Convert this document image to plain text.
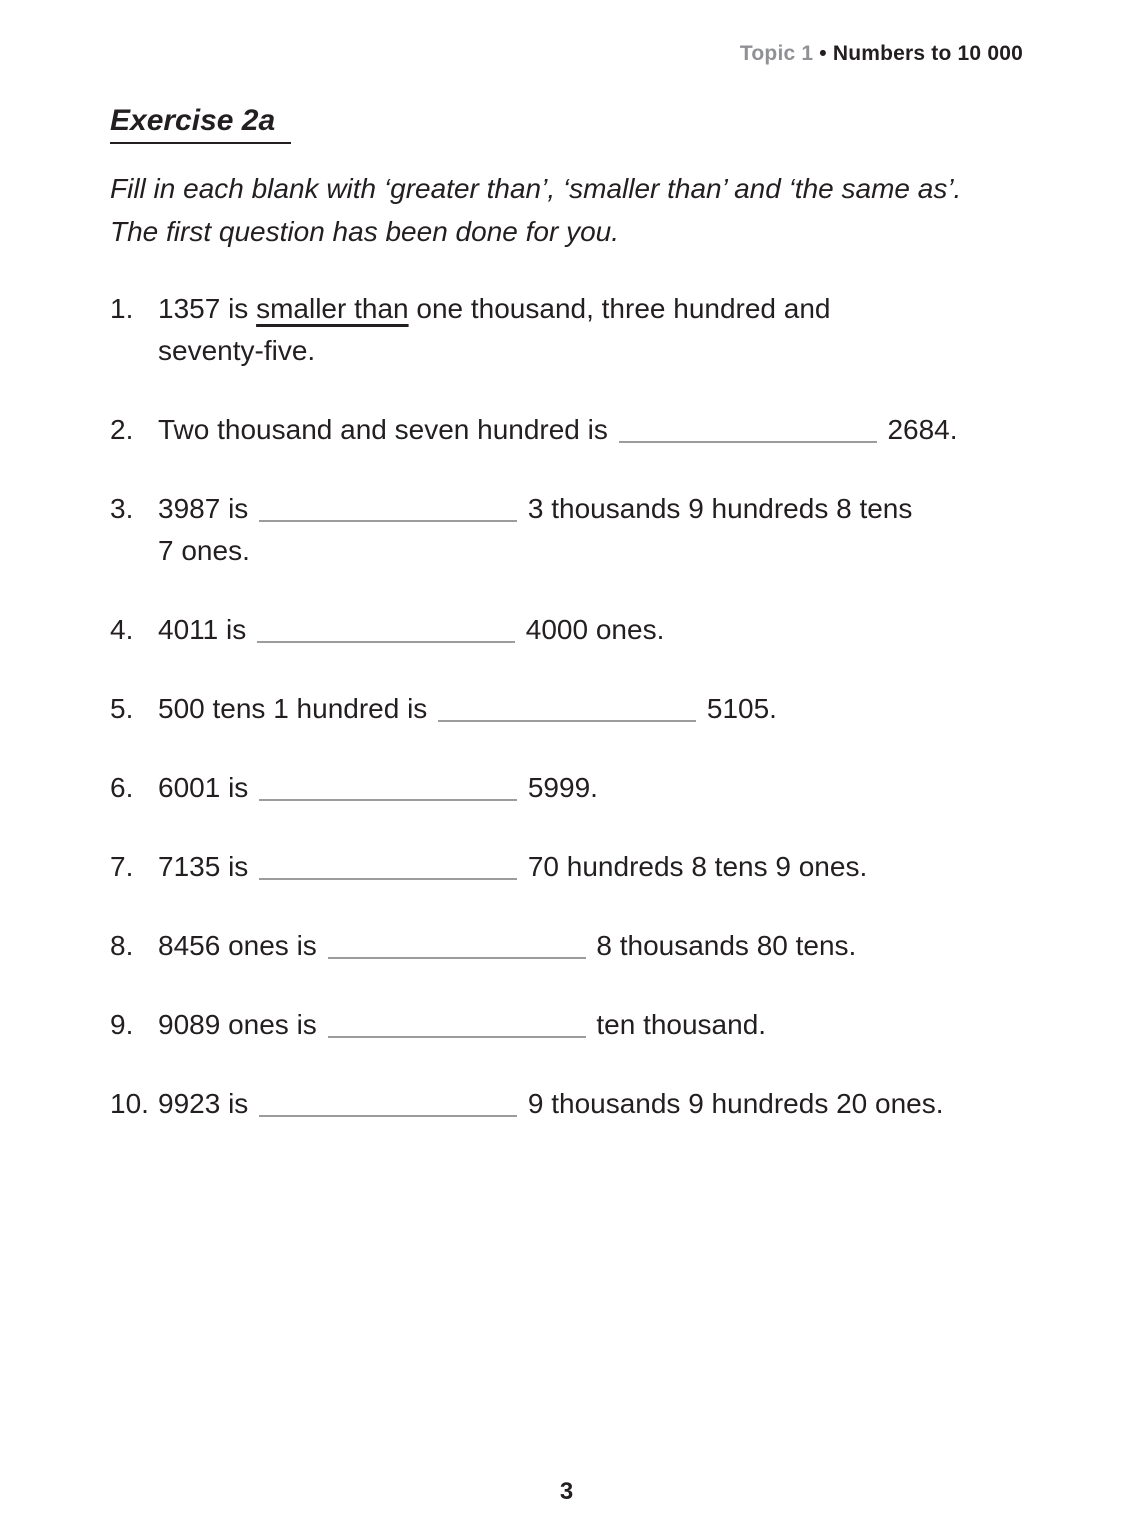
Topic 1 • Numbers to 10 000
Exercise 2a
Fill in each blank with ‘greater than’, ‘smaller than’ and ‘the same as’.
The first question has been done for you.
1. 1357 is smaller than one thousand, three hundred and
seventy-five.
2. Two thousand and seven hundred is	2684.
3. 3987 is	3 thousands 9 hundreds 8 tens
7 ones.
4. 4011 is	4000 ones.
5. 500 tens 1 hundred is	5105.
6. 6001 is	5999.
7. 7135 is	70 hundreds 8 tens 9 ones.
8. 8456 ones is	8 thousands 80 tens.
9. 9089 ones is	ten thousand.
10. 9923 is	9 thousands 9 hundreds 20 ones.
3
